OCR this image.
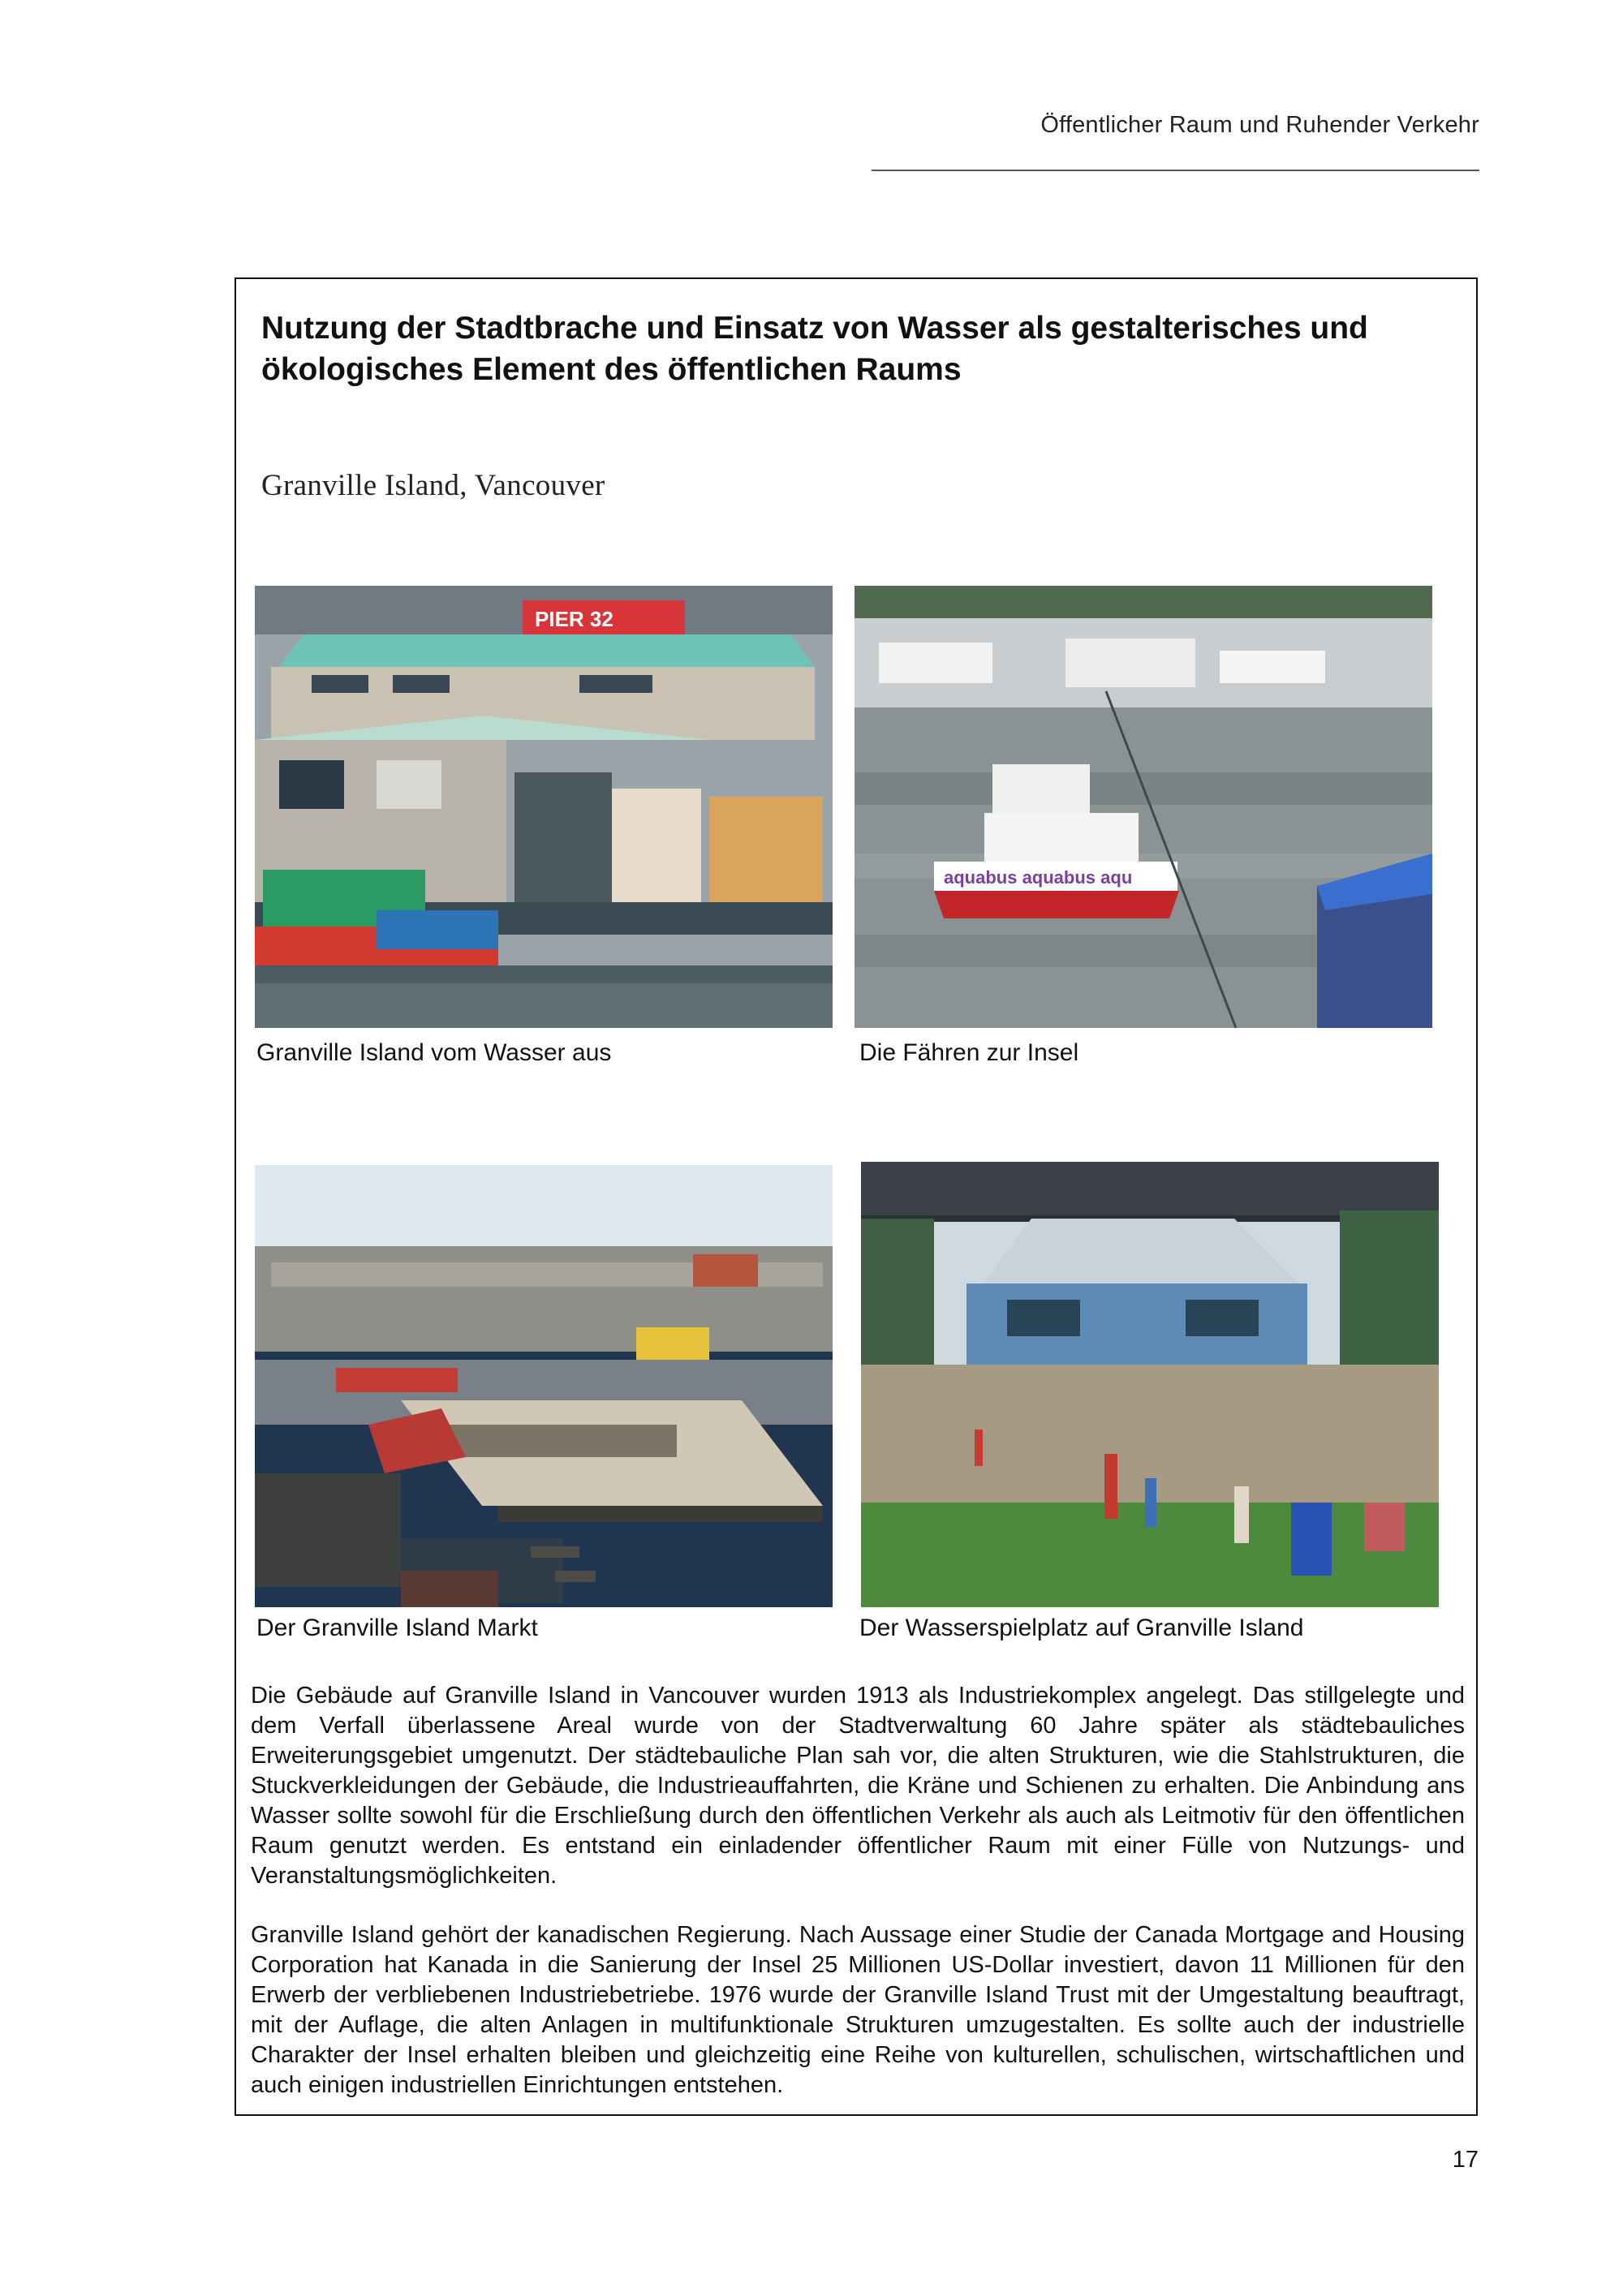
Öffentlicher Raum und Ruhender Verkehr
Nutzung der Stadtbrache und Einsatz von Wasser als gestalterisches und ökologisches Element des öffentlichen Raums

Granville Island, Vancouver

PIER 32
Granville Island vom Wasser aus
aquabus aquabus aqu
Die Fähren zur Insel
Der Granville Island Markt	Der Wasserspielplatz auf Granville Island

Die Gebäude auf Granville Island in Vancouver wurden 1913 als Industriekomplex angelegt. Das stillgelegte und dem Verfall überlassene Areal wurde von der Stadtverwaltung 60 Jahre später als städtebauliches Erweiterungsgebiet umgenutzt. Der städtebauliche Plan sah vor, die alten Strukturen, wie die Stahlstrukturen, die Stuckverkleidungen der Gebäude, die Industrieauffahrten, die Kräne und Schienen zu erhalten. Die Anbindung ans Wasser sollte sowohl für die Erschließung durch den öffentlichen Verkehr als auch als Leitmotiv für den öffentlichen Raum genutzt werden. Es entstand ein einladender öffentlicher Raum mit einer Fülle von Nutzungs- und Veranstaltungsmöglichkeiten.

Granville Island gehört der kanadischen Regierung. Nach Aussage einer Studie der Canada Mortgage and Housing Corporation hat Kanada in die Sanierung der Insel 25 Millionen US-Dollar investiert, davon 11 Millionen für den Erwerb der verbliebenen Industriebetriebe. 1976 wurde der Granville Island Trust mit der Umgestaltung beauftragt, mit der Auflage, die alten Anlagen in multifunktionale Strukturen umzugestalten. Es sollte auch der industrielle Charakter der Insel erhalten bleiben und gleichzeitig eine Reihe von kulturellen, schulischen, wirtschaftlichen und auch einigen industriellen Einrichtungen entstehen.

17
